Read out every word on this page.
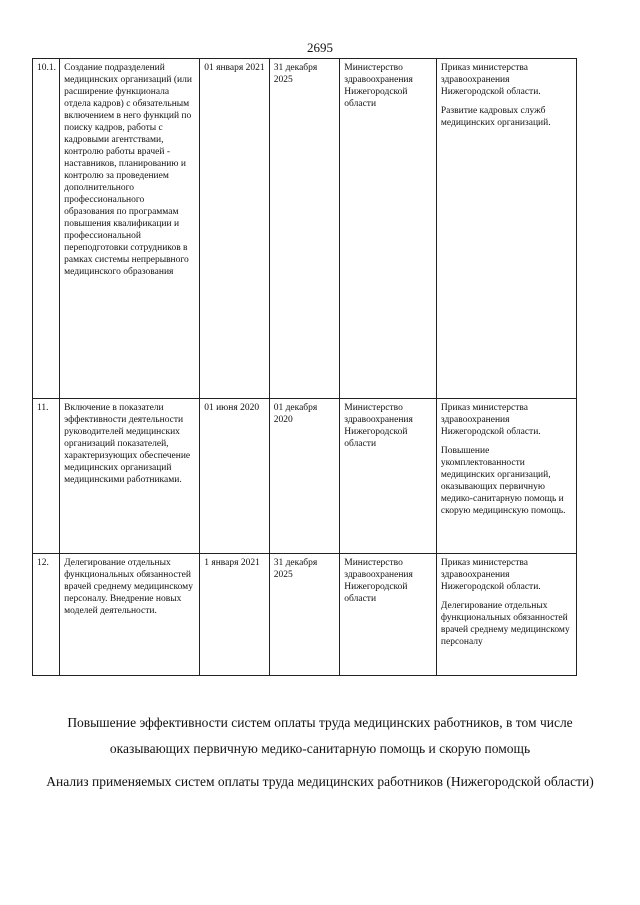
2695
10.1.	Создание подразделений медицинских организаций (или расширение функционала отдела кадров) с обязательным включением в него функций по поиску кадров, работы с кадровыми агентствами, контролю работы врачей - наставников, планированию и контролю за проведением дополнительного профессионального образования по программам повышения квалификации и профессиональной переподготовки сотрудников в рамках системы непрерывного медицинского образования	01 января 2021	31 декабря 2025	Министерство здравоохранения Нижегородской области	Приказ министерства здравоохранения Нижегородской области.

Развитие кадровых служб медицинских организаций.

11.	Включение в показатели эффективности деятельности руководителей медицинских организаций показателей, характеризующих обеспечение медицинских организаций медицинскими работниками.	01 июня 2020	01 декабря 2020	Министерство здравоохранения Нижегородской области	Приказ министерства здравоохранения Нижегородской области.

Повышение укомплектованности медицинских организаций, оказывающих первичную медико-санитарную помощь и скорую медицинскую помощь.

12.	Делегирование отдельных функциональных обязанностей врачей среднему медицинскому персоналу. Внедрение новых моделей деятельности.	1 января 2021	31 декабря 2025	Министерство здравоохранения Нижегородской области	Приказ министерства здравоохранения Нижегородской области.

Делегирование отдельных функциональных обязанностей врачей среднему медицинскому персоналу

Повышение эффективности систем оплаты труда медицинских работников, в том числе оказывающих первичную медико-санитарную помощь и скорую помощь
Анализ применяемых систем оплаты труда медицинских работников (Нижегородской области)
